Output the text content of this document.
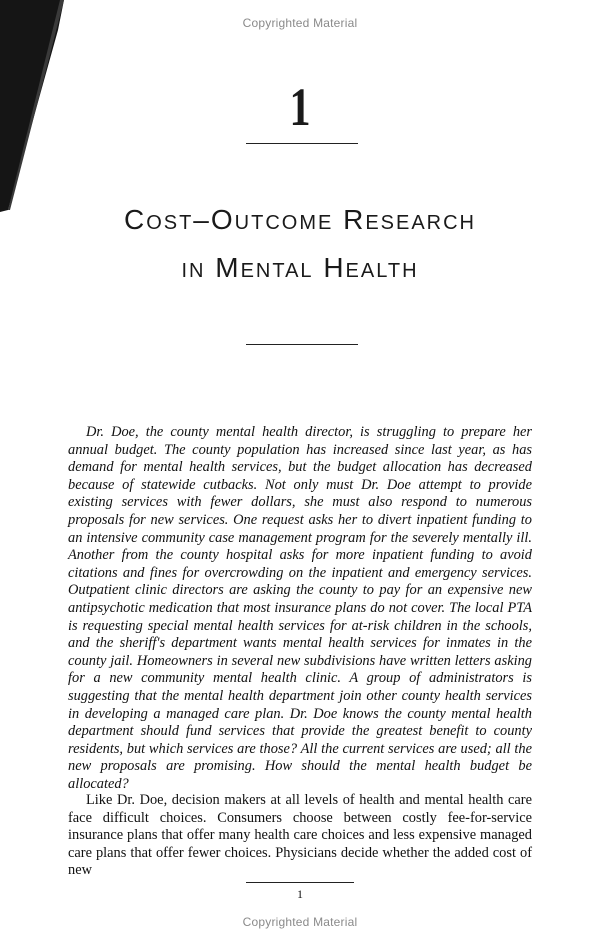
Copyrighted Material
1
Cost–Outcome Research
in Mental Health
Dr. Doe, the county mental health director, is struggling to prepare her annual budget. The county population has increased since last year, as has demand for mental health services, but the budget allocation has decreased because of statewide cutbacks. Not only must Dr. Doe attempt to provide existing services with fewer dollars, she must also respond to numerous proposals for new services. One request asks her to divert inpatient funding to an intensive community case management program for the severely mentally ill. Another from the county hospital asks for more inpatient funding to avoid citations and fines for overcrowding on the inpatient and emergency services. Outpatient clinic directors are asking the county to pay for an expensive new antipsychotic medication that most insurance plans do not cover. The local PTA is requesting special mental health services for at-risk children in the schools, and the sheriff's department wants mental health services for inmates in the county jail. Homeowners in several new subdivisions have written letters asking for a new community mental health clinic. A group of administrators is suggesting that the mental health department join other county health services in developing a managed care plan. Dr. Doe knows the county mental health department should fund services that provide the greatest benefit to county residents, but which services are those? All the current services are used; all the new proposals are promising. How should the mental health budget be allocated?
Like Dr. Doe, decision makers at all levels of health and mental health care face difficult choices. Consumers choose between costly fee-for-service insurance plans that offer many health care choices and less expensive managed care plans that offer fewer choices. Physicians decide whether the added cost of new
1
Copyrighted Material
